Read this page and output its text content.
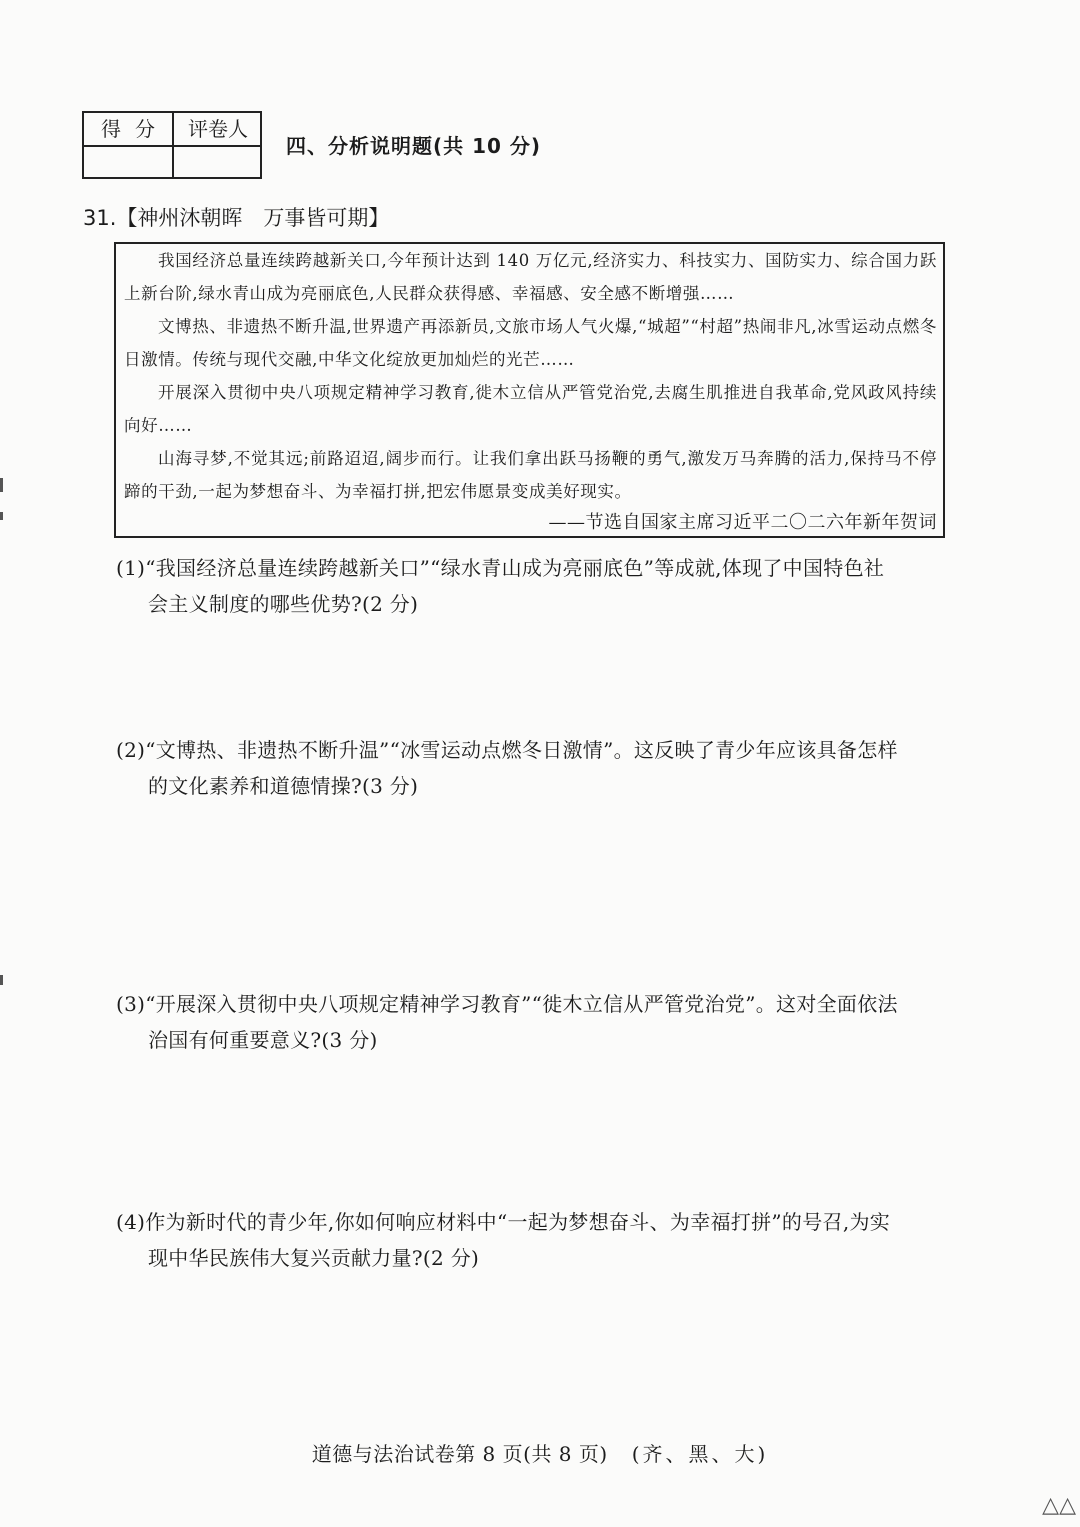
得分 评卷人
四、分析说明题(共 10 分)
31.【神州沐朝晖　万事皆可期】

我国经济总量连续跨越新关口,今年预计达到 140 万亿元,经济实力、科技实力、国防实力、综合国力跃上新台阶,绿水青山成为亮丽底色,人民群众获得感、幸福感、安全感不断增强……

文博热、非遗热不断升温,世界遗产再添新员,文旅市场人气火爆,“城超”“村超”热闹非凡,冰雪运动点燃冬日激情。传统与现代交融,中华文化绽放更加灿烂的光芒……

开展深入贯彻中央八项规定精神学习教育,徙木立信从严管党治党,去腐生肌推进自我革命,党风政风持续向好……

山海寻梦,不觉其远;前路迢迢,阔步而行。让我们拿出跃马扬鞭的勇气,激发万马奔腾的活力,保持马不停蹄的干劲,一起为梦想奋斗、为幸福打拼,把宏伟愿景变成美好现实。

——节选自国家主席习近平二〇二六年新年贺词
(1)“我国经济总量连续跨越新关口”“绿水青山成为亮丽底色”等成就,体现了中国特色社
会主义制度的哪些优势?(2 分)
(2)“文博热、非遗热不断升温”“冰雪运动点燃冬日激情”。这反映了青少年应该具备怎样
的文化素养和道德情操?(3 分)
(3)“开展深入贯彻中央八项规定精神学习教育”“徙木立信从严管党治党”。这对全面依法
治国有何重要意义?(3 分)
(4)作为新时代的青少年,你如何响应材料中“一起为梦想奋斗、为幸福打拼”的号召,为实
现中华民族伟大复兴贡献力量?(2 分)
道德与法治试卷第 8 页(共 8 页) (齐、黑、大)
△△
